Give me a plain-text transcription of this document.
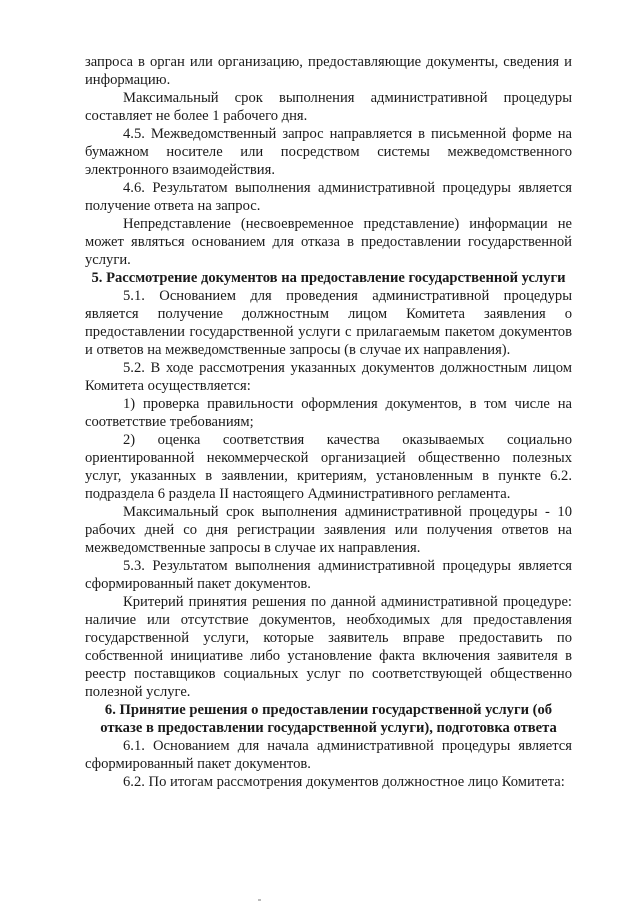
запроса в орган или организацию, предоставляющие документы, сведения и информацию.

Максимальный срок выполнения административной процедуры составляет не более 1 рабочего дня.

4.5. Межведомственный запрос направляется в письменной форме на бумажном носителе или посредством системы межведомственного электронного взаимодействия.

4.6. Результатом выполнения административной процедуры является получение ответа на запрос.

Непредставление (несвоевременное представление) информации не может являться основанием для отказа в предоставлении государственной услуги.

5. Рассмотрение документов на предоставление государственной услуги

5.1. Основанием для проведения административной процедуры является получение должностным лицом Комитета заявления о предоставлении государственной услуги с прилагаемым пакетом документов и ответов на межведомственные запросы (в случае их направления).

5.2. В ходе рассмотрения указанных документов должностным лицом Комитета осуществляется:

1) проверка правильности оформления документов, в том числе на соответствие требованиям;

2) оценка соответствия качества оказываемых социально ориентированной некоммерческой организацией общественно полезных услуг, указанных в заявлении, критериям, установленным в пункте 6.2. подраздела 6 раздела II настоящего Административного регламента.

Максимальный срок выполнения административной процедуры - 10 рабочих дней со дня регистрации заявления или получения ответов на межведомственные запросы в случае их направления.

5.3. Результатом выполнения административной процедуры является сформированный пакет документов.

Критерий принятия решения по данной административной процедуре: наличие или отсутствие документов, необходимых для предоставления государственной услуги, которые заявитель вправе предоставить по собственной инициативе либо установление факта включения заявителя в реестр поставщиков социальных услуг по соответствующей общественно полезной услуге.

6. Принятие решения о предоставлении государственной услуги (об отказе в предоставлении государственной услуги), подготовка ответа

6.1. Основанием для начала административной процедуры является сформированный пакет документов.

6.2. По итогам рассмотрения документов должностное лицо Комитета:
